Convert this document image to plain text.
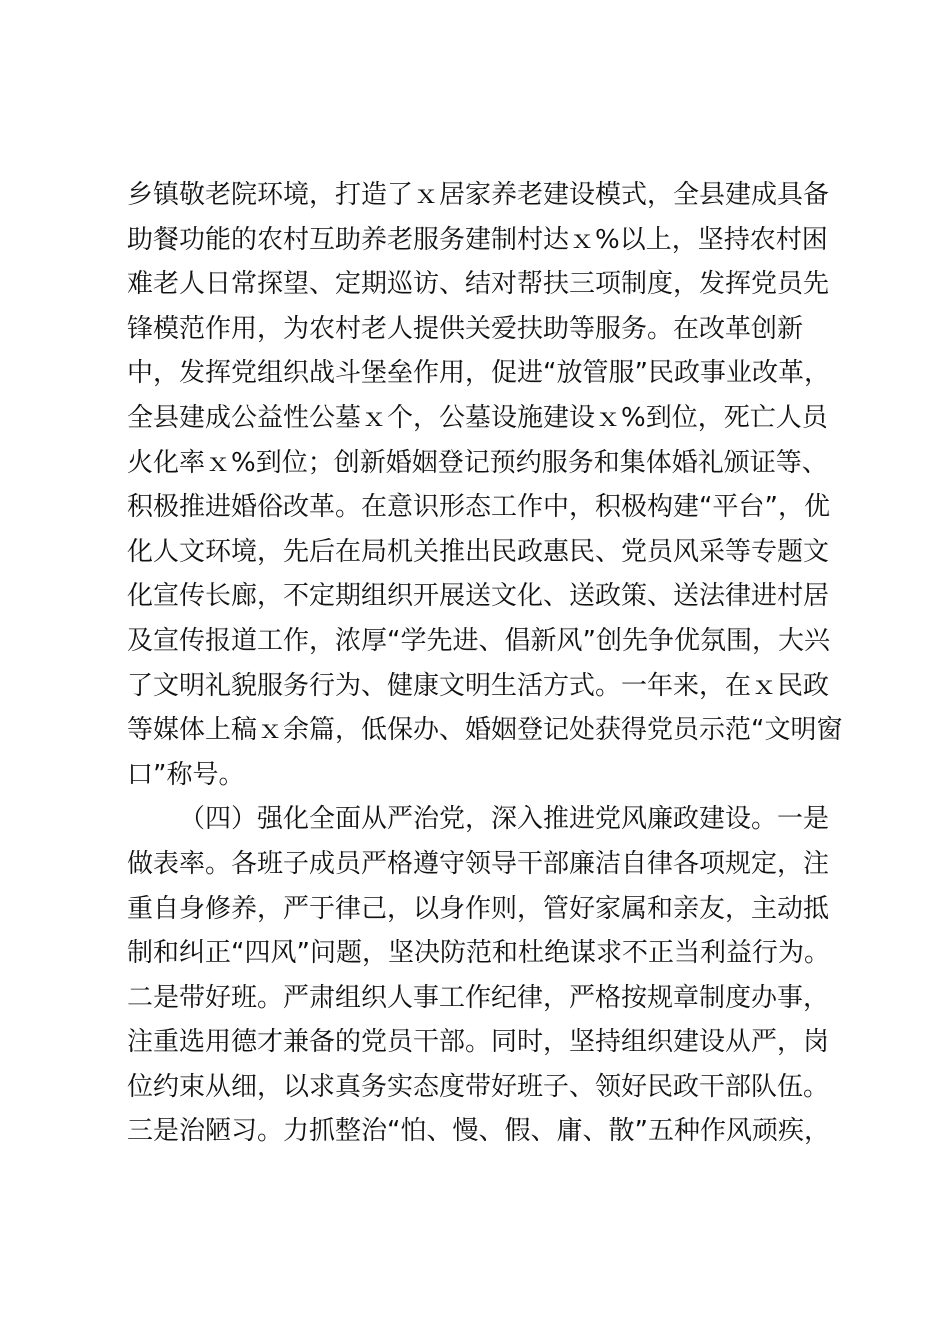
乡镇敬老院环境，打造了ｘ居家养老建设模式，全县建成具备
助餐功能的农村互助养老服务建制村达ｘ%以上，坚持农村困
难老人日常探望、定期巡访、结对帮扶三项制度，发挥党员先
锋模范作用，为农村老人提供关爱扶助等服务。在改革创新
中，发挥党组织战斗堡垒作用，促进“放管服”民政事业改革，
全县建成公益性公墓ｘ个，公墓设施建设ｘ%到位，死亡人员
火化率ｘ%到位；创新婚姻登记预约服务和集体婚礼颁证等、
积极推进婚俗改革。在意识形态工作中，积极构建“平台”，优
化人文环境，先后在局机关推出民政惠民、党员风采等专题文
化宣传长廊，不定期组织开展送文化、送政策、送法律进村居
及宣传报道工作，浓厚“学先进、倡新风”创先争优氛围，大兴
了文明礼貌服务行为、健康文明生活方式。一年来，在ｘ民政
等媒体上稿ｘ余篇，低保办、婚姻登记处获得党员示范“文明窗
口”称号。
（四）强化全面从严治党，深入推进党风廉政建设。一是
做表率。各班子成员严格遵守领导干部廉洁自律各项规定，注
重自身修养，严于律己，以身作则，管好家属和亲友，主动抵
制和纠正“四风”问题，坚决防范和杜绝谋求不正当利益行为。
二是带好班。严肃组织人事工作纪律，严格按规章制度办事，
注重选用德才兼备的党员干部。同时，坚持组织建设从严，岗
位约束从细，以求真务实态度带好班子、领好民政干部队伍。
三是治陋习。力抓整治“怕、慢、假、庸、散”五种作风顽疾，
